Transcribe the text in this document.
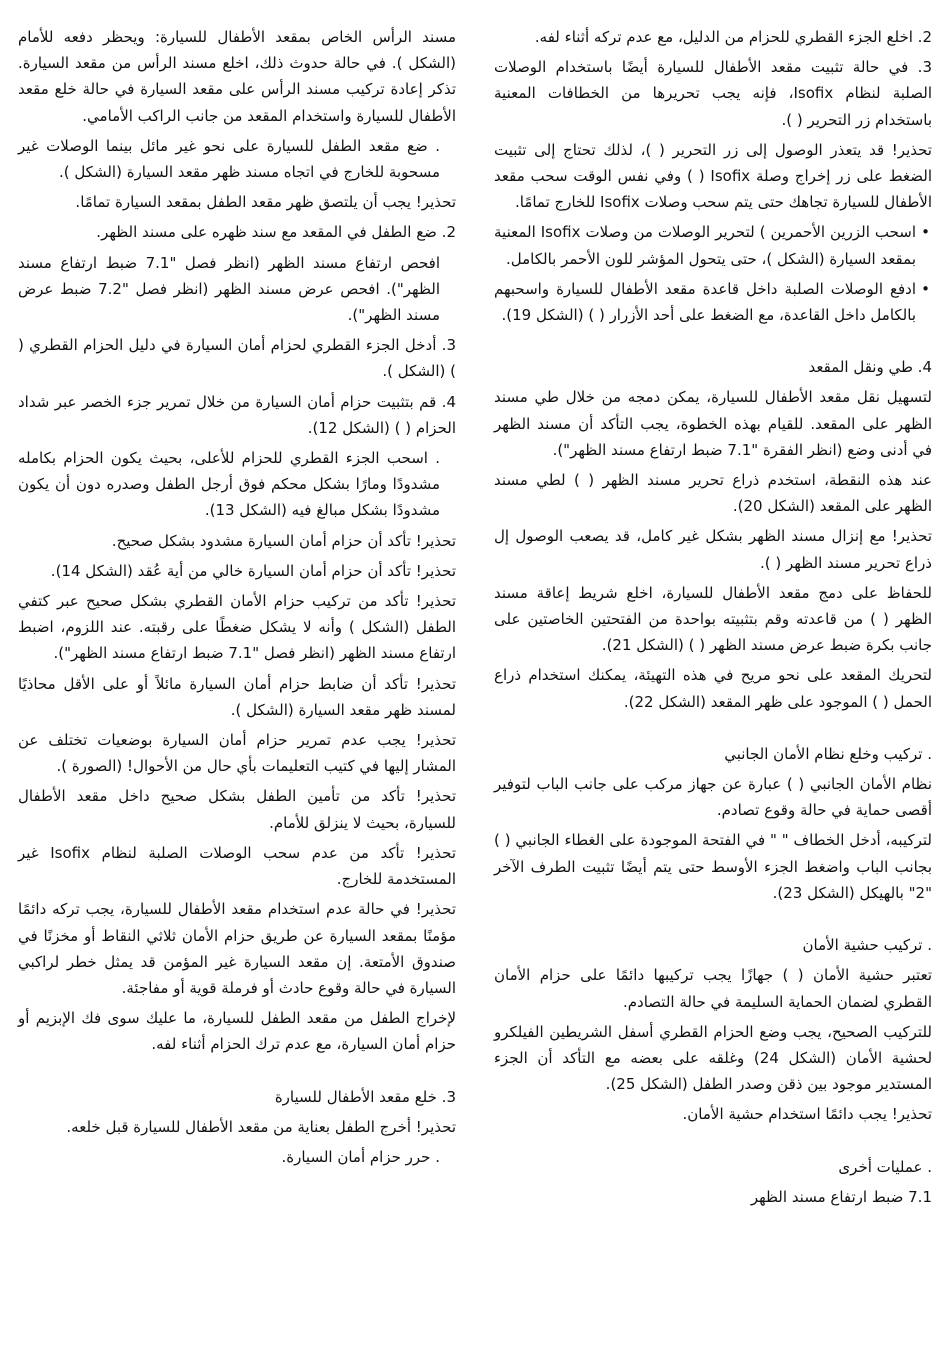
2. اخلع الجزء القطري للحزام من الدليل، مع عدم تركه أثناء لفه.
3. في حالة تثبيت مقعد الأطفال للسيارة أيضًا باستخدام الوصلات الصلبة لنظام Isofix، فإنه يجب تحريرها من الخطافات المعنية باستخدام زر التحرير ( ).
تحذير! قد يتعذر الوصول إلى زر التحرير ( )، لذلك تحتاج إلى تثبيت الضغط على زر إخراج وصلة Isofix ( ) وفي نفس الوقت سحب مقعد الأطفال للسيارة تجاهك حتى يتم سحب وصلات Isofix للخارج تمامًا.
• اسحب الزرين الأحمرين ) لتحرير الوصلات من وصلات Isofix المعنية بمقعد السيارة (الشكل )، حتى يتحول المؤشر للون الأحمر بالكامل.
• ادفع الوصلات الصلبة داخل قاعدة مقعد الأطفال للسيارة واسحبهم بالكامل داخل القاعدة، مع الضغط على أحد الأزرار ( ) (الشكل 19).
4. طي ونقل المقعد
لتسهيل نقل مقعد الأطفال للسيارة، يمكن دمجه من خلال طي مسند الظهر على المقعد. للقيام بهذه الخطوة، يجب التأكد أن مسند الظهر في أدنى وضع (انظر الفقرة "7.1 ضبط ارتفاع مسند الظهر").
عند هذه النقطة، استخدم ذراع تحرير مسند الظهر ( ) لطي مسند الظهر على المقعد (الشكل 20).
تحذير! مع إنزال مسند الظهر بشكل غير كامل، قد يصعب الوصول إل ذراع تحرير مسند الظهر ( ).
للحفاظ على دمج مقعد الأطفال للسيارة، اخلع شريط إعاقة مسند الظهر ( ) من قاعدته وقم بتثبيته بواحدة من الفتحتين الخاصتين على جانب بكرة ضبط عرض مسند الظهر ( ) (الشكل 21).
لتحريك المقعد على نحو مريح في هذه التهيئة، يمكنك استخدام ذراع الحمل ( ) الموجود على ظهر المقعد (الشكل 22).
. تركيب وخلع نظام الأمان الجانبي
نظام الأمان الجانبي ( ) عبارة عن جهاز مركب على جانب الباب لتوفير أقصى حماية في حالة وقوع تصادم.
لتركيبه، أدخل الخطاف " " في الفتحة الموجودة على الغطاء الجانبي ( ) بجانب الباب واضغط الجزء الأوسط حتى يتم أيضًا تثبيت الطرف الآخر "2" بالهيكل (الشكل 23).
. تركيب حشية الأمان
تعتبر حشية الأمان ( ) جهازًا يجب تركيبها دائمًا على حزام الأمان القطري لضمان الحماية السليمة في حالة التصادم.
للتركيب الصحيح، يجب وضع الحزام القطري أسفل الشريطين الفيلكرو لحشية الأمان (الشكل 24) وغلقه على بعضه مع التأكد أن الجزء المستدير موجود بين ذقن وصدر الطفل (الشكل 25).
تحذير! يجب دائمًا استخدام حشية الأمان.
. عمليات أخرى
7.1 ضبط ارتفاع مسند الظهر
مسند الرأس الخاص بمقعد الأطفال للسيارة: ويحظر دفعه للأمام (الشكل ). في حالة حدوث ذلك، اخلع مسند الرأس من مقعد السيارة. تذكر إعادة تركيب مسند الرأس على مقعد السيارة في حالة خلع مقعد الأطفال للسيارة واستخدام المقعد من جانب الراكب الأمامي.
. ضع مقعد الطفل للسيارة على نحو غير مائل بينما الوصلات غير مسحوبة للخارج في اتجاه مسند ظهر مقعد السيارة (الشكل ).
تحذير! يجب أن يلتصق ظهر مقعد الطفل بمقعد السيارة تمامًا.
2. ضع الطفل في المقعد مع سند ظهره على مسند الظهر.
افحص ارتفاع مسند الظهر (انظر فصل "7.1 ضبط ارتفاع مسند الظهر"). افحص عرض مسند الظهر (انظر فصل "7.2 ضبط عرض مسند الظهر").
3. أدخل الجزء القطري لحزام أمان السيارة في دليل الحزام القطري ( ) (الشكل ).
4. قم بتثبيت حزام أمان السيارة من خلال تمرير جزء الخصر عبر شداد الحزام ( ) (الشكل 12).
. اسحب الجزء القطري للحزام للأعلى، بحيث يكون الحزام بكامله مشدودًا ومارًا بشكل محكم فوق أرجل الطفل وصدره دون أن يكون مشدودًا بشكل مبالغ فيه (الشكل 13).
تحذير! تأكد أن حزام أمان السيارة مشدود بشكل صحيح.
تحذير! تأكد أن حزام أمان السيارة خالي من أية عُقد (الشكل 14).
تحذير! تأكد من تركيب حزام الأمان القطري بشكل صحيح عبر كتفي الطفل (الشكل ) وأنه لا يشكل ضغطًا على رقبته. عند اللزوم، اضبط ارتفاع مسند الظهر (انظر فصل "7.1 ضبط ارتفاع مسند الظهر").
تحذير! تأكد أن ضابط حزام أمان السيارة مائلاً أو على الأقل محاذيًا لمسند ظهر مقعد السيارة (الشكل ).
تحذير! يجب عدم تمرير حزام أمان السيارة بوضعيات تختلف عن المشار إليها في كتيب التعليمات بأي حال من الأحوال! (الصورة ).
تحذير! تأكد من تأمين الطفل بشكل صحيح داخل مقعد الأطفال للسيارة، بحيث لا ينزلق للأمام.
تحذير! تأكد من عدم سحب الوصلات الصلبة لنظام Isofix غير المستخدمة للخارج.
تحذير! في حالة عدم استخدام مقعد الأطفال للسيارة، يجب تركه دائمًا مؤمنًا بمقعد السيارة عن طريق حزام الأمان ثلاثي النقاط أو مخزنًا في صندوق الأمتعة. إن مقعد السيارة غير المؤمن قد يمثل خطر لراكبي السيارة في حالة وقوع حادث أو فرملة قوية أو مفاجئة.
لإخراج الطفل من مقعد الطفل للسيارة، ما عليك سوى فك الإبزيم أو حزام أمان السيارة، مع عدم ترك الحزام أثناء لفه.
3. خلع مقعد الأطفال للسيارة
تحذير! أخرج الطفل بعناية من مقعد الأطفال للسيارة قبل خلعه.
. حرر حزام أمان السيارة.
